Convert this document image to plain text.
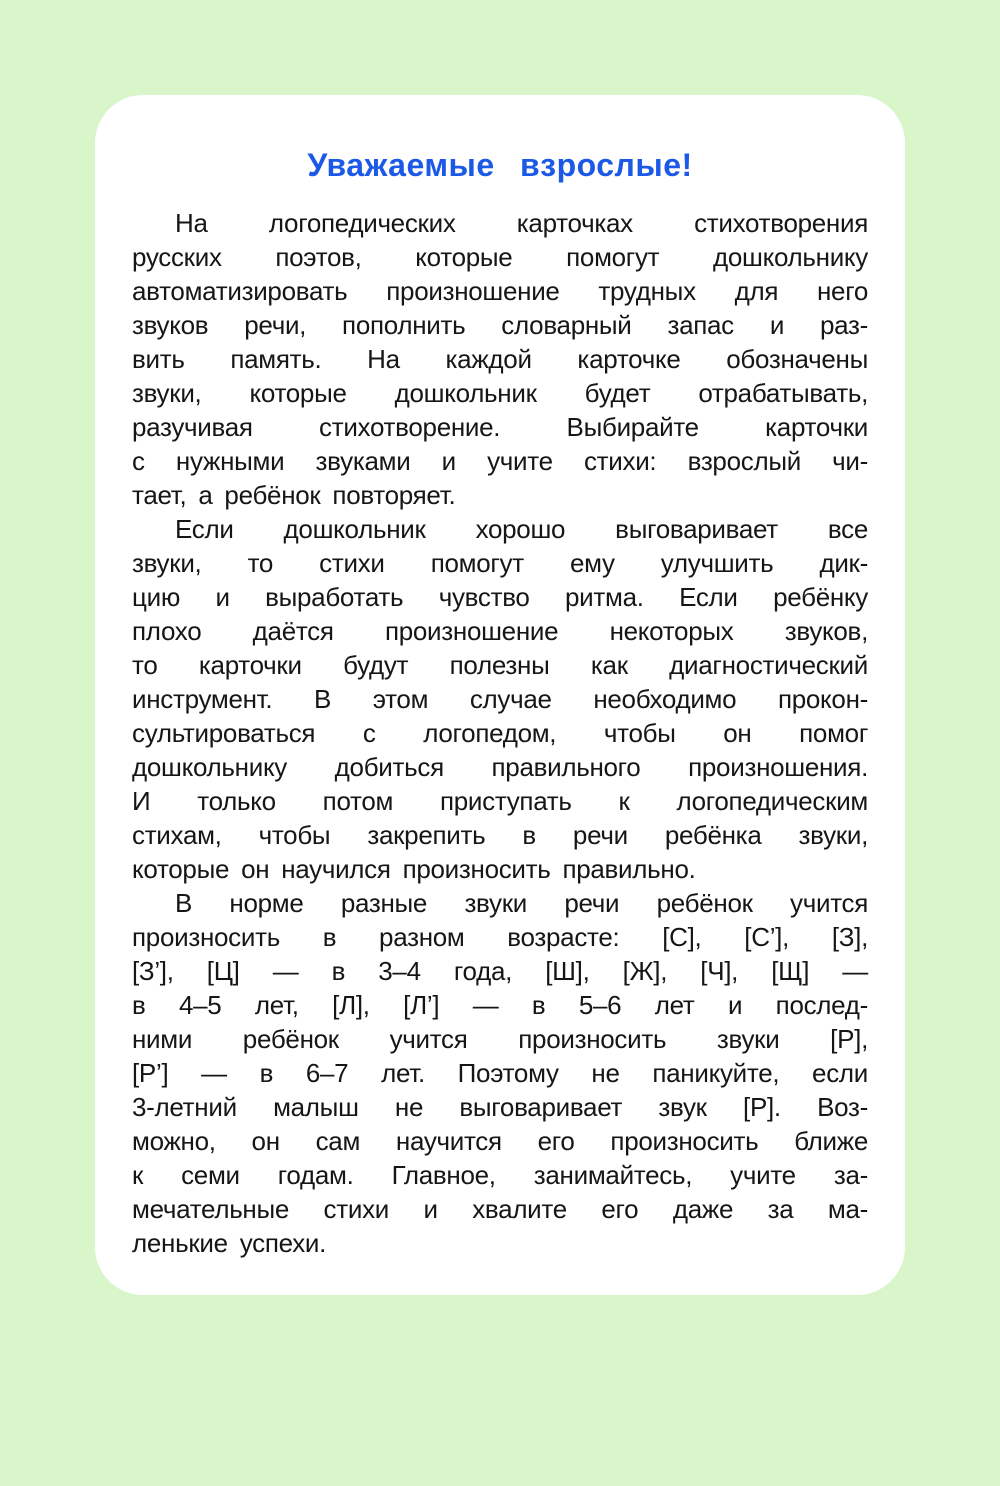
Уважаемые взрослые!
На логопедических карточках стихотворения
русских поэтов, которые помогут дошкольнику
автоматизировать произношение трудных для него
звуков речи, пополнить словарный запас и раз-
вить память. На каждой карточке обозначены
звуки, которые дошкольник будет отрабатывать,
разучивая стихотворение. Выбирайте карточки
с нужными звуками и учите стихи: взрослый чи-
тает, а ребёнок повторяет.
Если дошкольник хорошо выговаривает все
звуки, то стихи помогут ему улучшить дик-
цию и выработать чувство ритма. Если ребёнку
плохо даётся произношение некоторых звуков,
то карточки будут полезны как диагностический
инструмент. В этом случае необходимо прокон-
сультироваться с логопедом, чтобы он помог
дошкольнику добиться правильного произношения.
И только потом приступать к логопедическим
стихам, чтобы закрепить в речи ребёнка звуки,
которые он научился произносить правильно.
В норме разные звуки речи ребёнок учится
произносить в разном возрасте: [С], [С’], [З],
[З’], [Ц] — в 3–4 года, [Ш], [Ж], [Ч], [Щ] —
в 4–5 лет, [Л], [Л’] — в 5–6 лет и послед-
ними ребёнок учится произносить звуки [Р],
[Р’] — в 6–7 лет. Поэтому не паникуйте, если
3-летний малыш не выговаривает звук [Р]. Воз-
можно, он сам научится его произносить ближе
к семи годам. Главное, занимайтесь, учите за-
мечательные стихи и хвалите его даже за ма-
ленькие успехи.
